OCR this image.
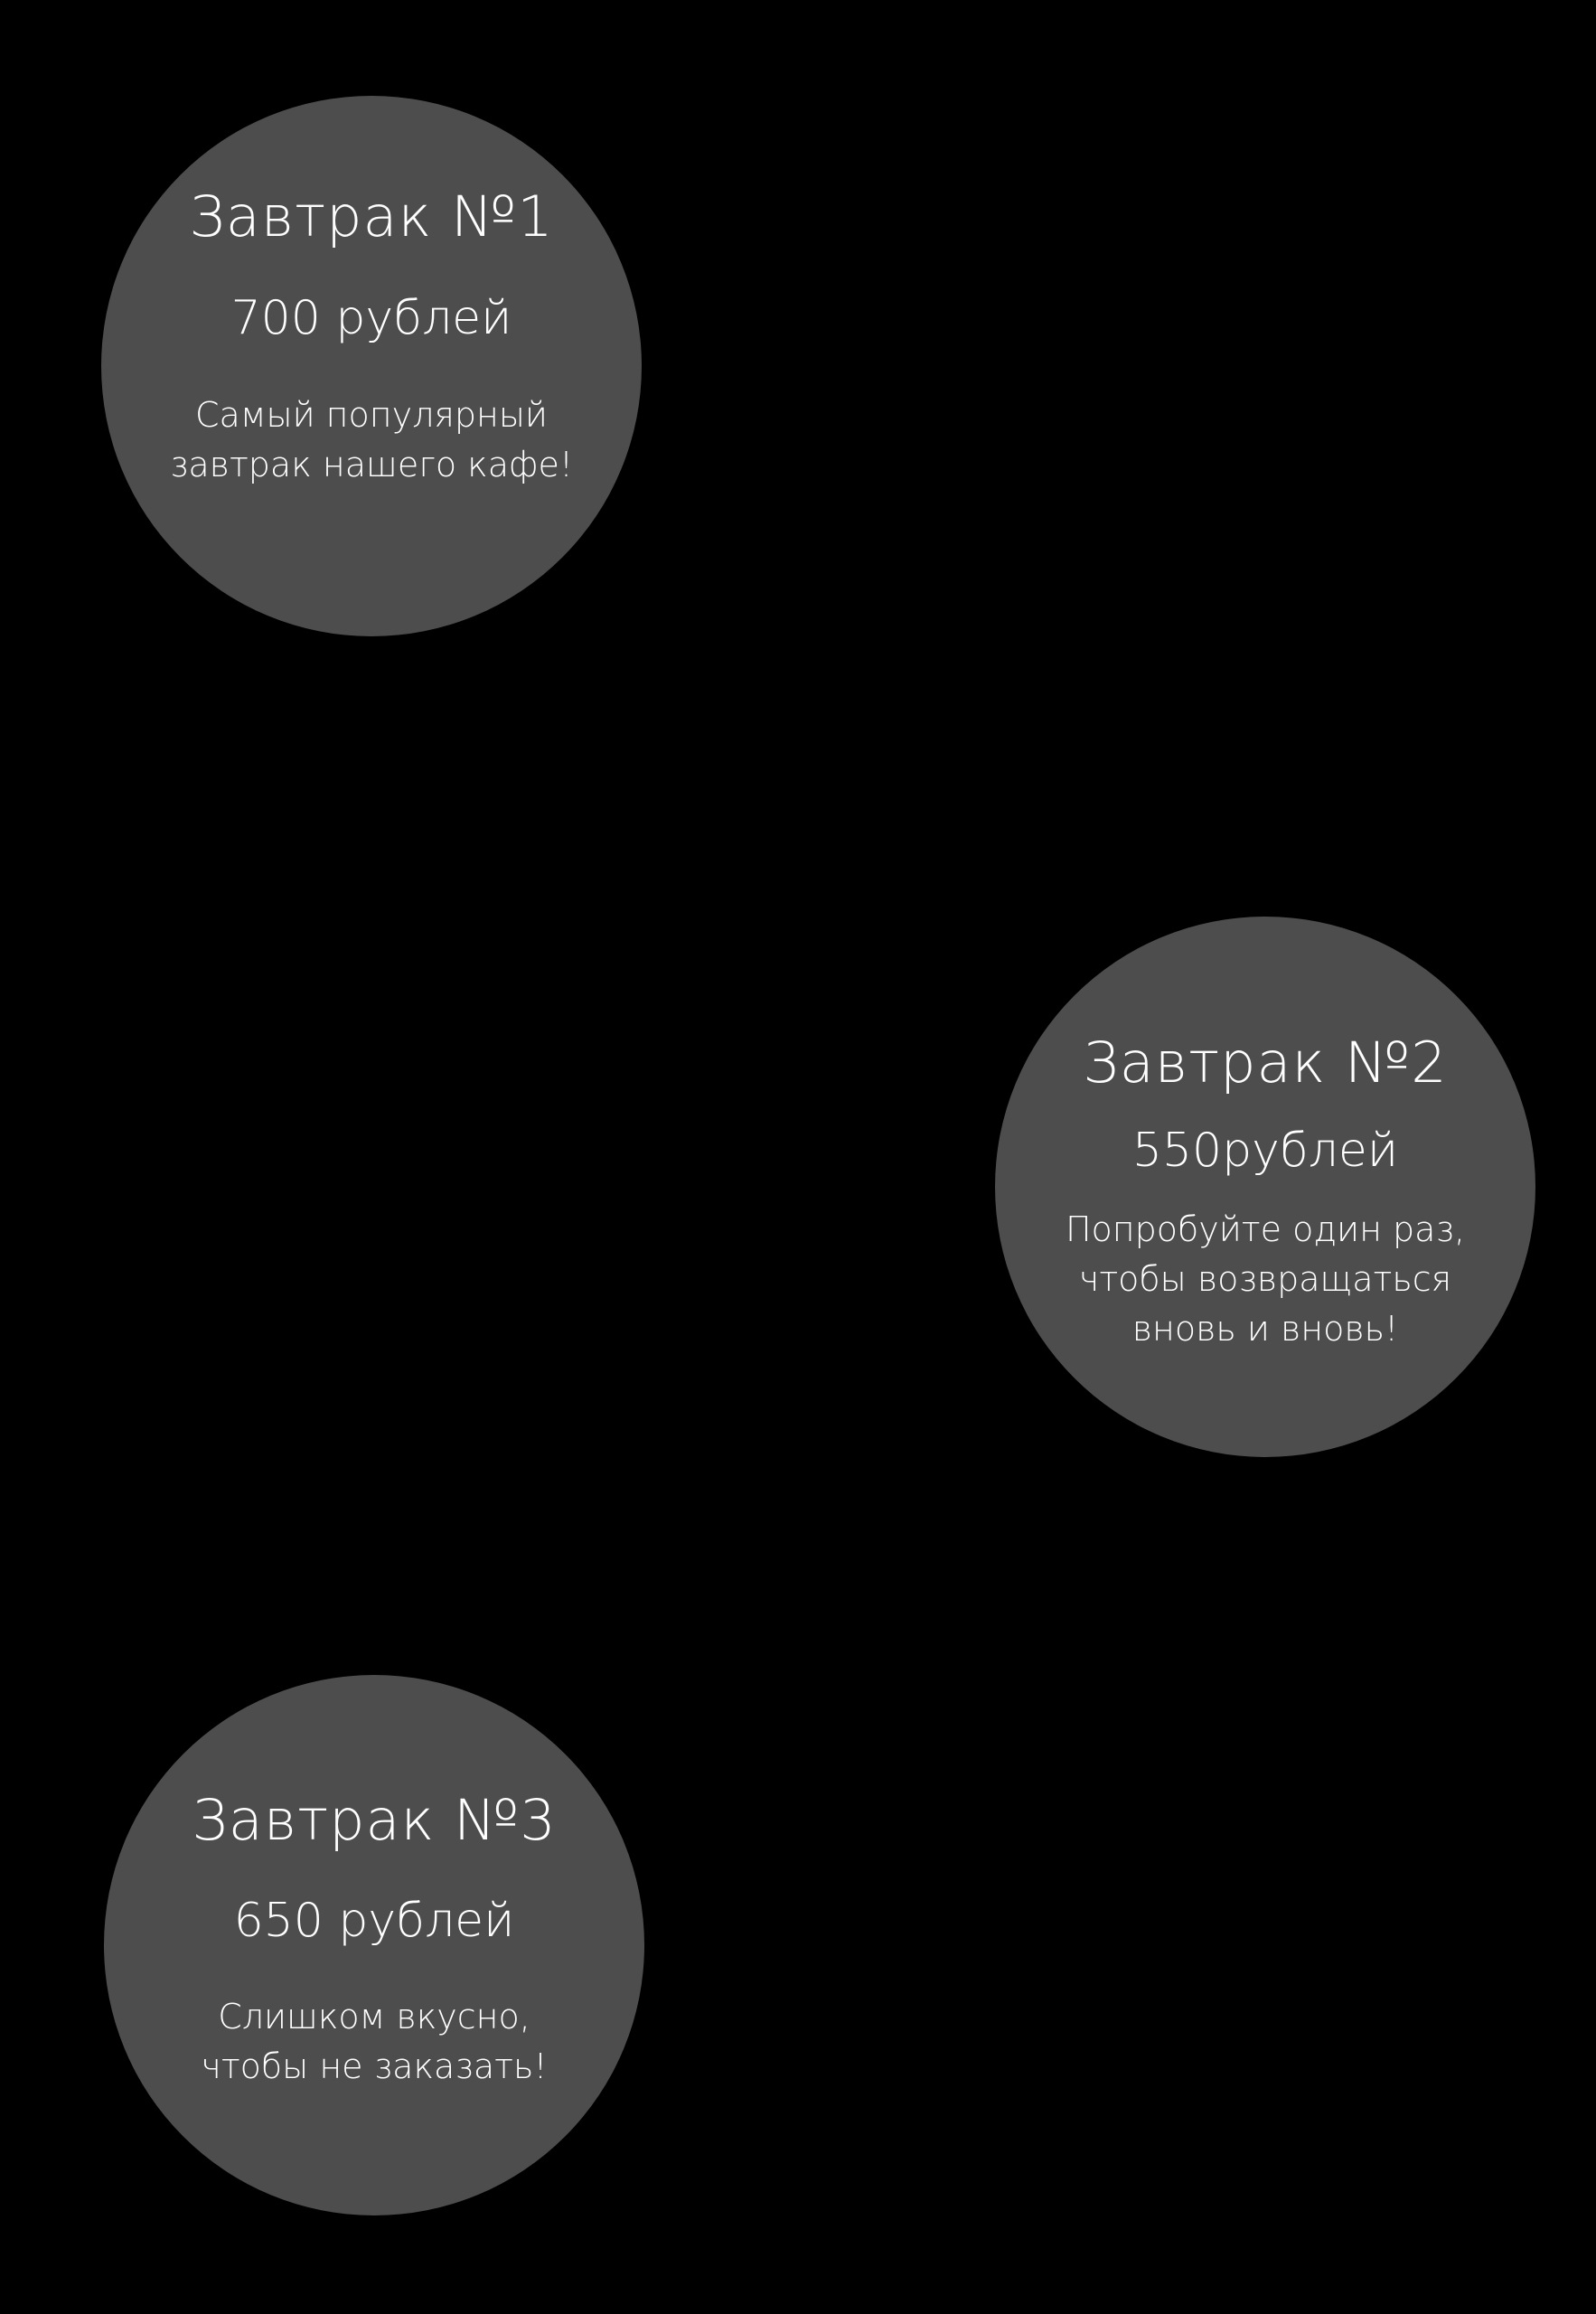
Завтрак №1
700 рублей
Самый популярный
завтрак нашего кафе!
Завтрак №2
550рублей
Попробуйте один раз,
чтобы возвращаться
вновь и вновь!
Завтрак №3
650 рублей
Слишком вкусно,
чтобы не заказать!
